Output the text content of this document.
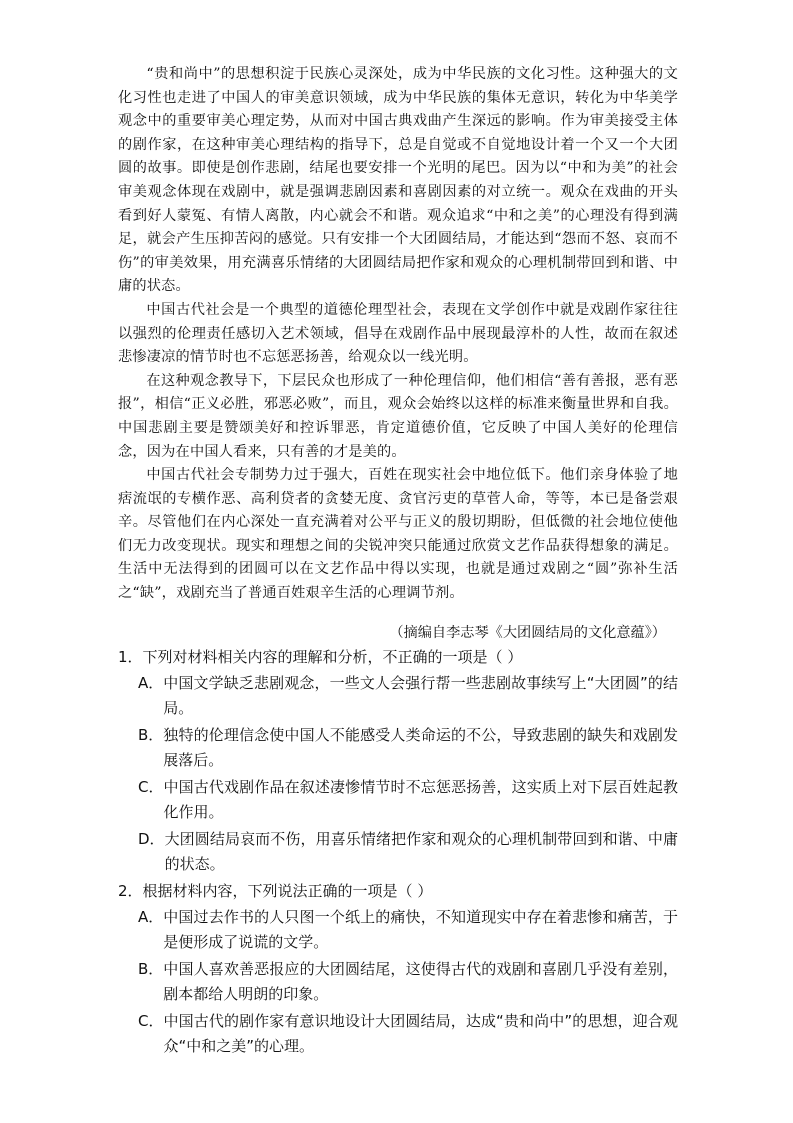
“贵和尚中”的思想积淀于民族心灵深处，成为中华民族的文化习性。这种强大的文化习性也走进了中国人的审美意识领域，成为中华民族的集体无意识，转化为中华美学观念中的重要审美心理定势，从而对中国古典戏曲产生深远的影响。作为审美接受主体的剧作家，在这种审美心理结构的指导下，总是自觉或不自觉地设计着一个又一个大团圆的故事。即使是创作悲剧，结尾也要安排一个光明的尾巴。因为以“中和为美”的社会审美观念体现在戏剧中，就是强调悲剧因素和喜剧因素的对立统一。观众在戏曲的开头看到好人蒙冤、有情人离散，内心就会不和谐。观众追求“中和之美”的心理没有得到满足，就会产生压抑苦闷的感觉。只有安排一个大团圆结局，才能达到“怨而不怒、哀而不伤”的审美效果，用充满喜乐情绪的大团圆结局把作家和观众的心理机制带回到和谐、中庸的状态。

中国古代社会是一个典型的道德伦理型社会，表现在文学创作中就是戏剧作家往往以强烈的伦理责任感切入艺术领域，倡导在戏剧作品中展现最淳朴的人性，故而在叙述悲惨凄凉的情节时也不忘惩恶扬善，给观众以一线光明。

在这种观念教导下，下层民众也形成了一种伦理信仰，他们相信“善有善报，恶有恶报”，相信“正义必胜，邪恶必败”，而且，观众会始终以这样的标准来衡量世界和自我。中国悲剧主要是赞颂美好和控诉罪恶，肯定道德价值，它反映了中国人美好的伦理信念，因为在中国人看来，只有善的才是美的。

中国古代社会专制势力过于强大，百姓在现实社会中地位低下。他们亲身体验了地痞流氓的专横作恶、高利贷者的贪婪无度、贪官污吏的草菅人命，等等，本已是备尝艰辛。尽管他们在内心深处一直充满着对公平与正义的殷切期盼，但低微的社会地位使他们无力改变现状。现实和理想之间的尖锐冲突只能通过欣赏文艺作品获得想象的满足。生活中无法得到的团圆可以在文艺作品中得以实现，也就是通过戏剧之“圆”弥补生活之“缺”，戏剧充当了普通百姓艰辛生活的心理调节剂。

（摘编自李志琴《大团圆结局的文化意蕴》）
1． 下列对材料相关内容的理解和分析，不正确的一项是（ ）
A． 中国文学缺乏悲剧观念，一些文人会强行帮一些悲剧故事续写上“大团圆”的结局。
B． 独特的伦理信念使中国人不能感受人类命运的不公，导致悲剧的缺失和戏剧发展落后。
C． 中国古代戏剧作品在叙述凄惨情节时不忘惩恶扬善，这实质上对下层百姓起教化作用。
D． 大团圆结局哀而不伤，用喜乐情绪把作家和观众的心理机制带回到和谐、中庸的状态。
2． 根据材料内容，下列说法正确的一项是（ ）
A． 中国过去作书的人只图一个纸上的痛快，不知道现实中存在着悲惨和痛苦，于是便形成了说谎的文学。
B． 中国人喜欢善恶报应的大团圆结尾，这使得古代的戏剧和喜剧几乎没有差别，剧本都给人明朗的印象。
C． 中国古代的剧作家有意识地设计大团圆结局，达成“贵和尚中”的思想，迎合观众“中和之美”的心理。
